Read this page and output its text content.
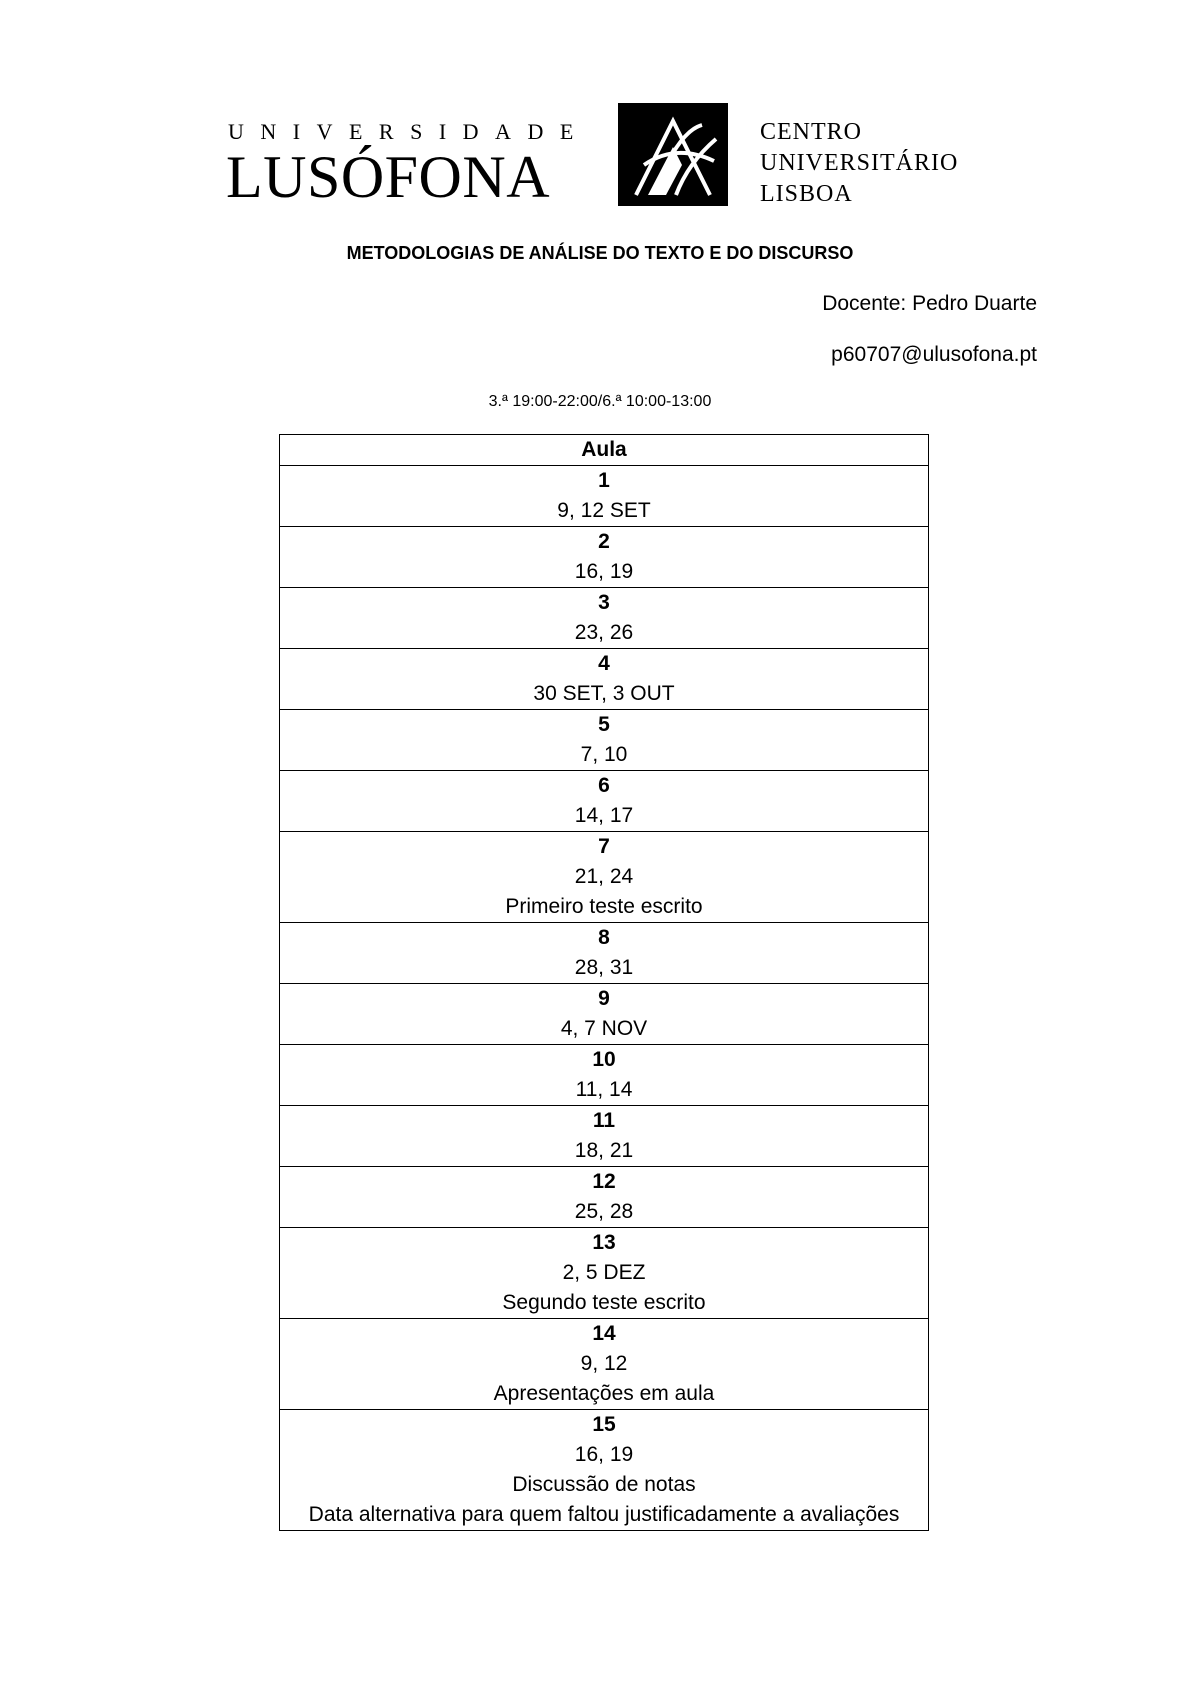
UNIVERSIDADE
LUSÓFONA
CENTRO
UNIVERSITÁRIO
LISBOA
METODOLOGIAS DE ANÁLISE DO TEXTO E DO DISCURSO
Docente: Pedro Duarte
p60707@ulusofona.pt
3.ª 19:00-22:00/6.ª 10:00-13:00
Aula

1
9, 12 SET

2
16, 19

3
23, 26

4
30 SET, 3 OUT

5
7, 10

6
14, 17

7
21, 24
Primeiro teste escrito

8
28, 31

9
4, 7 NOV

10
11, 14

11
18, 21

12
25, 28

13
2, 5 DEZ
Segundo teste escrito

14
9, 12
Apresentações em aula

15
16, 19
Discussão de notas
Data alternativa para quem faltou justificadamente a avaliações
